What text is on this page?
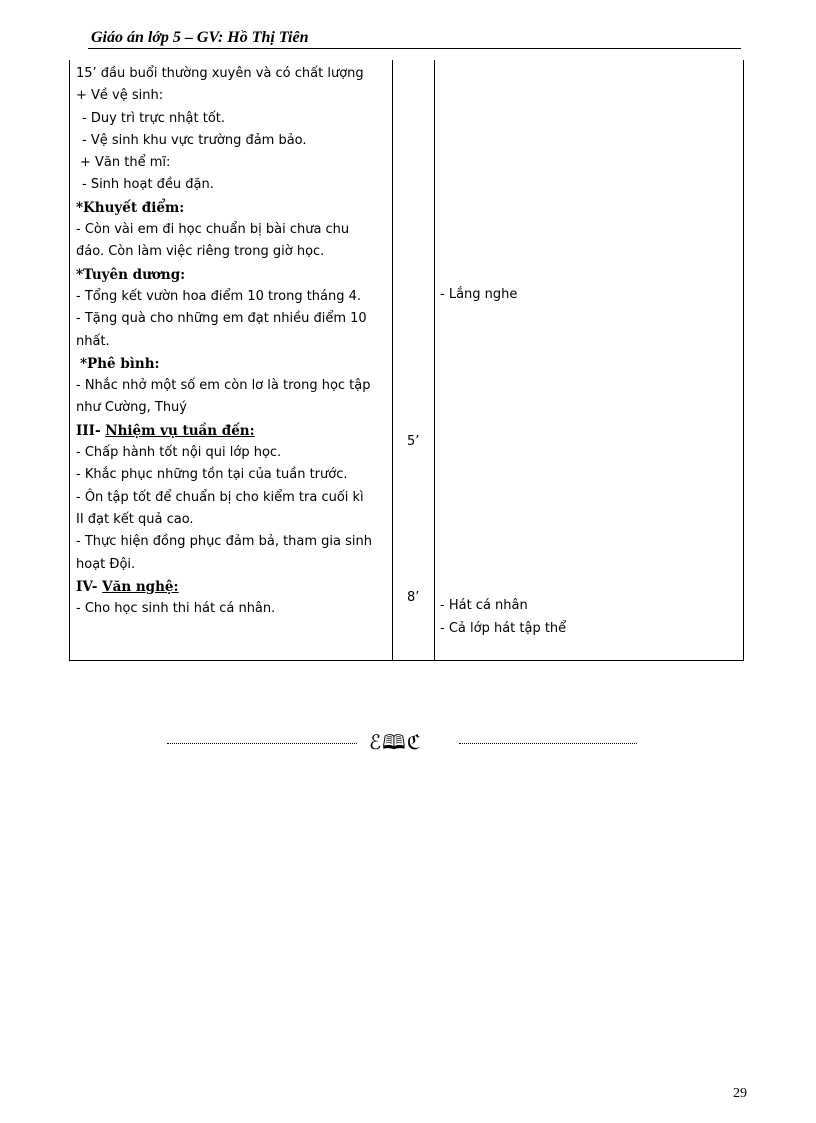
Giáo án lớp 5 – GV: Hồ Thị Tiên
15’ đầu buổi thường xuyên và có chất lượng
+ Về vệ sinh:
- Duy trì trực nhật tốt.
- Vệ sinh khu vực trường đảm bảo.
+ Văn thể mĩ:
- Sinh hoạt đều đặn.
*Khuyết điểm:
- Còn vài em đi học chuẩn bị bài chưa chu
đáo. Còn làm việc riêng trong giờ học.
*Tuyên dương:
- Tổng kết vườn hoa điểm 10 trong tháng 4.
- Tặng quà cho những em đạt nhiều điểm 10
nhất.
*Phê bình:
- Nhắc nhở một số em còn lơ là trong học tập
như Cường, Thuý
III- Nhiệm vụ tuần đến:
- Chấp hành tốt nội qui lớp học.
- Khắc phục những tồn tại của tuần trước.
- Ôn tập tốt để chuẩn bị cho kiểm tra cuối kì
II đạt kết quả cao.
- Thực hiện đồng phục đảm bả, tham gia sinh
hoạt Đội.
IV- Văn nghệ:
- Cho học sinh thi hát cá nhân.
5’
8’
- Lắng nghe
- Hát cá nhân
- Cả lớp hát tập thể
ℰ🕮ℭ
29
